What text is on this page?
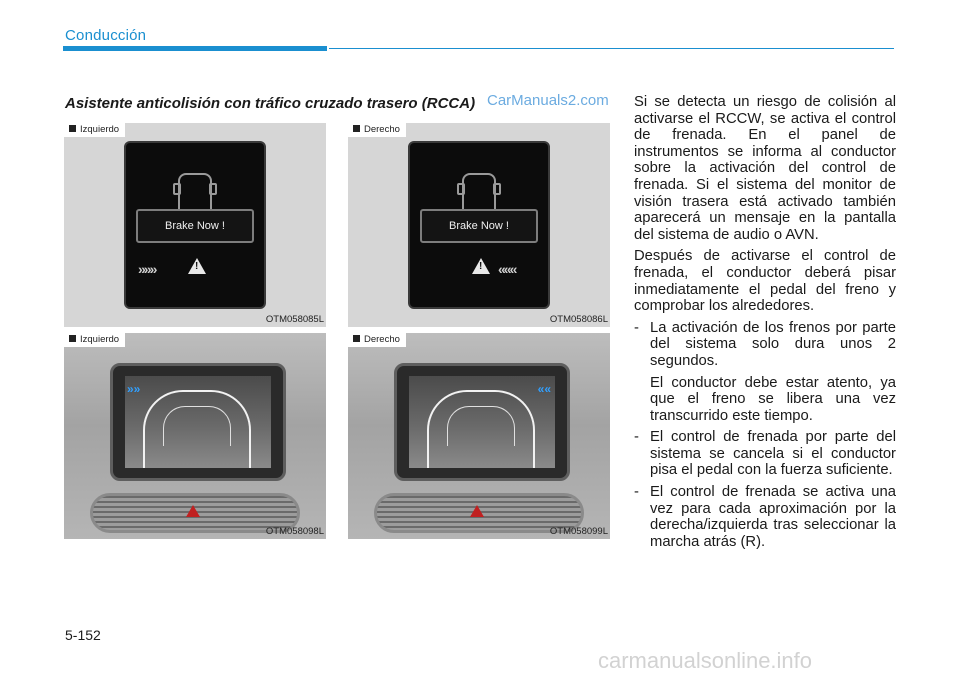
Conducción
Asistente anticolisión con tráfico cruzado trasero (RCCA) CarManuals2.com
Izquierdo
Brake Now !
»»»
!
OTM058085L
Derecho
Brake Now !
!
«««
OTM058086L
»»
Izquierdo
OTM058098L
««
Derecho
OTM058099L

Si se detecta un riesgo de colisión al activarse el RCCW, se activa el control de frenada. En el panel de instrumentos se informa al conductor sobre la activación del control de frenada. Si el sistema del monitor de visión trasera está activado también aparecerá un mensaje en la pantalla del sistema de audio o AVN.

Después de activarse el control de frenada, el conductor deberá pisar inmediatamente el pedal del freno y comprobar los alrededores.

- La activación de los frenos por parte del sistema solo dura unos 2 segundos.
El conductor debe estar atento, ya que el freno se libera una vez transcurrido este tiempo.
- El control de frenada por parte del sistema se cancela si el conductor pisa el pedal con la fuerza suficiente.
- El control de frenada se activa una vez para cada aproximación por la derecha/izquierda tras seleccionar la marcha atrás (R).
5-152
carmanualsonline.info
